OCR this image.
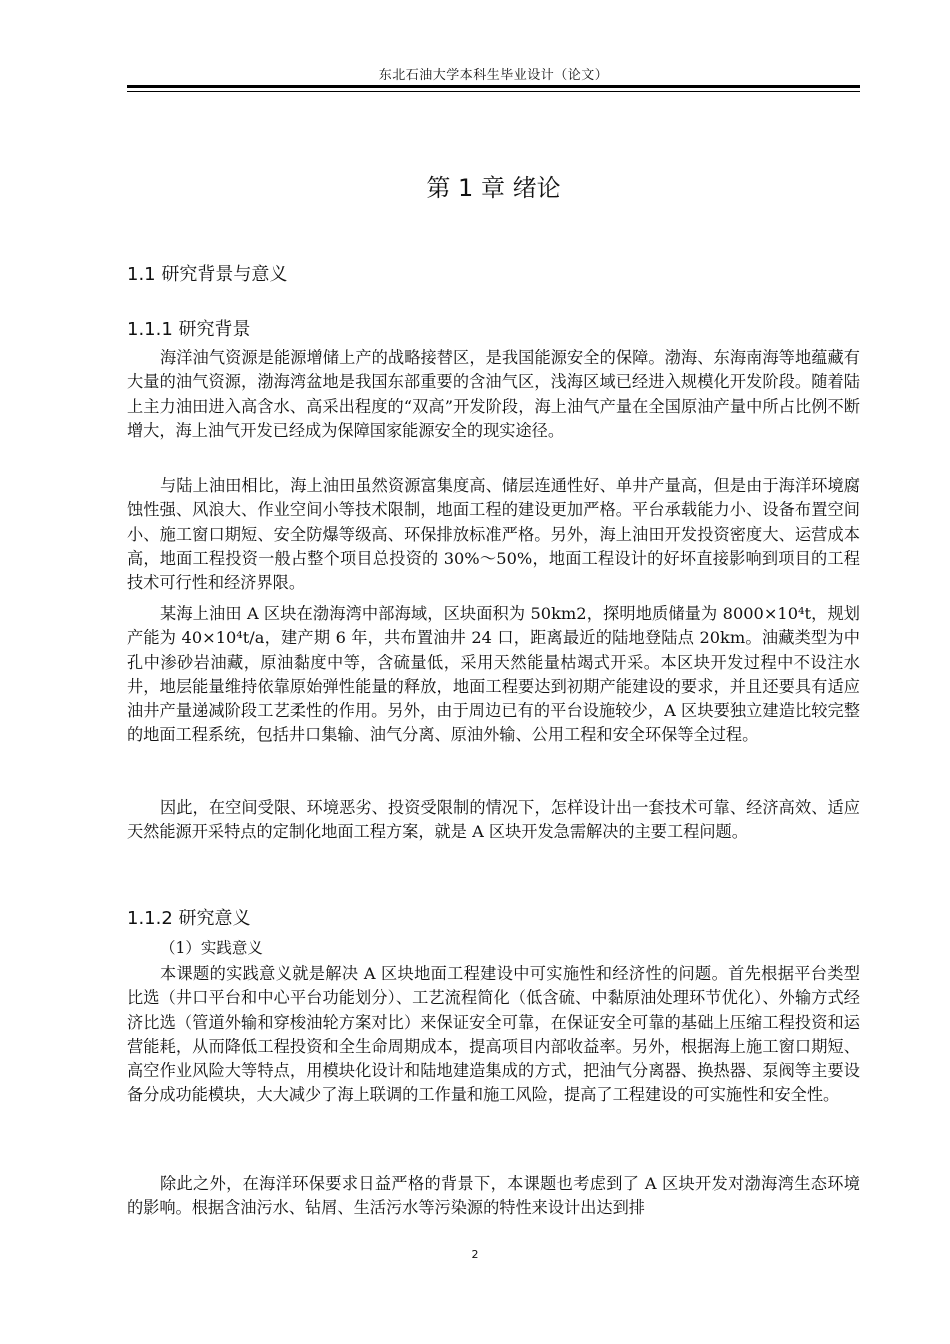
东北石油大学本科生毕业设计（论文）
第 1 章 绪论
1.1 研究背景与意义
1.1.1 研究背景

海洋油气资源是能源增储上产的战略接替区，是我国能源安全的保障。渤海、东海南海等地蕴藏有大量的油气资源，渤海湾盆地是我国东部重要的含油气区，浅海区域已经进入规模化开发阶段。随着陆上主力油田进入高含水、高采出程度的“双高”开发阶段，海上油气产量在全国原油产量中所占比例不断增大，海上油气开发已经成为保障国家能源安全的现实途径。

与陆上油田相比，海上油田虽然资源富集度高、储层连通性好、单井产量高，但是由于海洋环境腐蚀性强、风浪大、作业空间小等技术限制，地面工程的建设更加严格。平台承载能力小、设备布置空间小、施工窗口期短、安全防爆等级高、环保排放标准严格。另外，海上油田开发投资密度大、运营成本高，地面工程投资一般占整个项目总投资的 30%～50%，地面工程设计的好坏直接影响到项目的工程技术可行性和经济界限。

某海上油田 A 区块在渤海湾中部海域，区块面积为 50km2，探明地质储量为 8000×10⁴t，规划产能为 40×10⁴t/a，建产期 6 年，共布置油井 24 口，距离最近的陆地登陆点 20km。油藏类型为中孔中渗砂岩油藏，原油黏度中等，含硫量低，采用天然能量枯竭式开采。本区块开发过程中不设注水井，地层能量维持依靠原始弹性能量的释放，地面工程要达到初期产能建设的要求，并且还要具有适应油井产量递减阶段工艺柔性的作用。另外，由于周边已有的平台设施较少，A 区块要独立建造比较完整的地面工程系统，包括井口集输、油气分离、原油外输、公用工程和安全环保等全过程。

因此，在空间受限、环境恶劣、投资受限制的情况下，怎样设计出一套技术可靠、经济高效、适应天然能源开采特点的定制化地面工程方案，就是 A 区块开发急需解决的主要工程问题。

1.1.2 研究意义

（1）实践意义

本课题的实践意义就是解决 A 区块地面工程建设中可实施性和经济性的问题。首先根据平台类型比选（井口平台和中心平台功能划分）、工艺流程简化（低含硫、中黏原油处理环节优化）、外输方式经济比选（管道外输和穿梭油轮方案对比）来保证安全可靠，在保证安全可靠的基础上压缩工程投资和运营能耗，从而降低工程投资和全生命周期成本，提高项目内部收益率。另外，根据海上施工窗口期短、高空作业风险大等特点，用模块化设计和陆地建造集成的方式，把油气分离器、换热器、泵阀等主要设备分成功能模块，大大减少了海上联调的工作量和施工风险，提高了工程建设的可实施性和安全性。

除此之外，在海洋环保要求日益严格的背景下，本课题也考虑到了 A 区块开发对渤海湾生态环境的影响。根据含油污水、钻屑、生活污水等污染源的特性来设计出达到排

2
